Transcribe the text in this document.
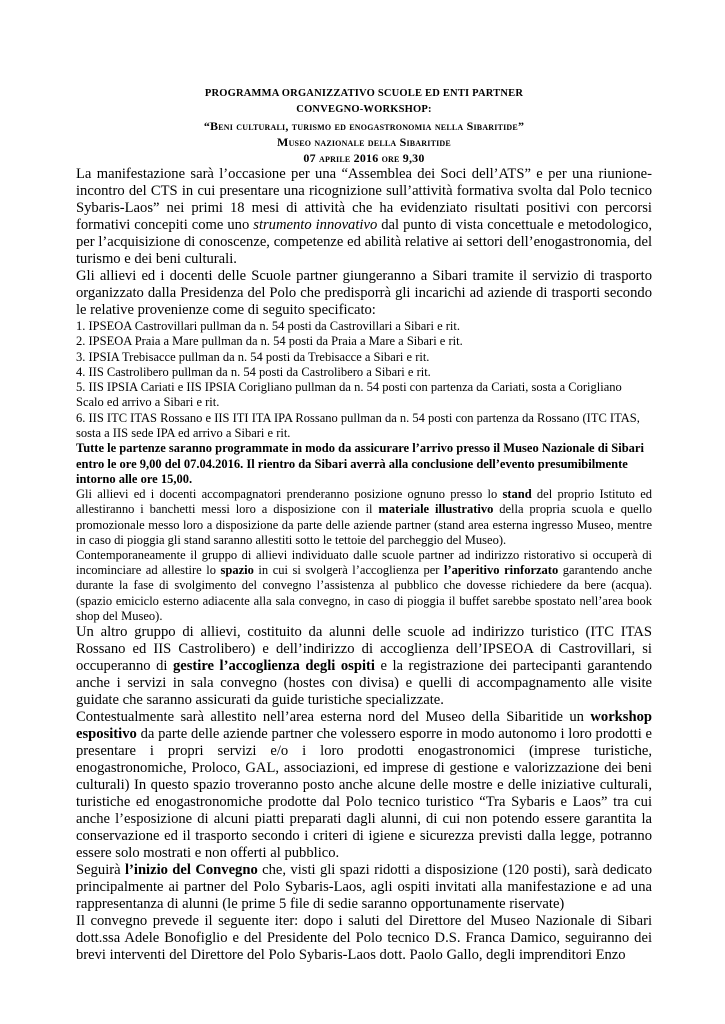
PROGRAMMA ORGANIZZATIVO SCUOLE ED ENTI PARTNER
CONVEGNO-WORKSHOP:
“Beni culturali, turismo ed enogastronomia nella Sibaritide”
Museo nazionale della Sibaritide
07 aprile 2016 ore 9,30

La manifestazione sarà l’occasione per una “Assemblea dei Soci dell’ATS” e per una riunione-incontro del CTS in cui presentare una ricognizione sull’attività formativa svolta dal Polo tecnico Sybaris-Laos” nei primi 18 mesi di attività che ha evidenziato risultati positivi con percorsi formativi concepiti come uno strumento innovativo dal punto di vista concettuale e metodologico, per l’acquisizione di conoscenze, competenze ed abilità relative ai settori dell’enogastronomia, del turismo e dei beni culturali.

Gli allievi ed i docenti delle Scuole partner giungeranno a Sibari tramite il servizio di trasporto organizzato dalla Presidenza del Polo che predisporrà gli incarichi ad aziende di trasporti secondo le relative provenienze come di seguito specificato:

1. IPSEOA Castrovillari pullman da n. 54 posti da Castrovillari a Sibari e rit.
2. IPSEOA Praia a Mare pullman da n. 54 posti da Praia a Mare a Sibari e rit.
3. IPSIA Trebisacce pullman da n. 54 posti da Trebisacce a Sibari e rit.
4. IIS Castrolibero pullman da n. 54 posti da Castrolibero a Sibari e rit.
5. IIS IPSIA Cariati e IIS IPSIA Corigliano pullman da n. 54 posti con partenza da Cariati, sosta a Corigliano Scalo ed arrivo a Sibari e rit.
6. IIS ITC ITAS Rossano e IIS ITI ITA IPA Rossano pullman da n. 54 posti con partenza da Rossano (ITC ITAS, sosta a IIS sede IPA ed arrivo a Sibari e rit.

Tutte le partenze saranno programmate in modo da assicurare l’arrivo presso il Museo Nazionale di Sibari entro le ore 9,00 del 07.04.2016. Il rientro da Sibari averrà alla conclusione dell’evento presumibilmente intorno alle ore 15,00.

Gli allievi ed i docenti accompagnatori prenderanno posizione ognuno presso lo stand del proprio Istituto ed allestiranno i banchetti messi loro a disposizione con il materiale illustrativo della propria scuola e quello promozionale messo loro a disposizione da parte delle aziende partner (stand area esterna ingresso Museo, mentre in caso di pioggia gli stand saranno allestiti sotto le tettoie del parcheggio del Museo).

Contemporaneamente il gruppo di allievi individuato dalle scuole partner ad indirizzo ristorativo si occuperà di incominciare ad allestire lo spazio in cui si svolgerà l’accoglienza per l’aperitivo rinforzato garantendo anche durante la fase di svolgimento del convegno l’assistenza al pubblico che dovesse richiedere da bere (acqua). (spazio emiciclo esterno adiacente alla sala convegno, in caso di pioggia il buffet sarebbe spostato nell’area book shop del Museo).

Un altro gruppo di allievi, costituito da alunni delle scuole ad indirizzo turistico (ITC ITAS Rossano ed IIS Castrolibero) e dell’indirizzo di accoglienza dell’IPSEOA di Castrovillari, si occuperanno di gestire l’accoglienza degli ospiti e la registrazione dei partecipanti garantendo anche i servizi in sala convegno (hostes con divisa) e quelli di accompagnamento alle visite guidate che saranno assicurati da guide turistiche specializzate.

Contestualmente sarà allestito nell’area esterna nord del Museo della Sibaritide un workshop espositivo da parte delle aziende partner che volessero esporre in modo autonomo i loro prodotti e presentare i propri servizi e/o i loro prodotti enogastronomici (imprese turistiche, enogastronomiche, Proloco, GAL, associazioni, ed imprese di gestione e valorizzazione dei beni culturali) In questo spazio troveranno posto anche alcune delle mostre e delle iniziative culturali, turistiche ed enogastronomiche prodotte dal Polo tecnico turistico “Tra Sybaris e Laos” tra cui anche l’esposizione di alcuni piatti preparati dagli alunni, di cui non potendo essere garantita la conservazione ed il trasporto secondo i criteri di igiene e sicurezza previsti dalla legge, potranno essere solo mostrati e non offerti al pubblico.

Seguirà l’inizio del Convegno che, visti gli spazi ridotti a disposizione (120 posti), sarà dedicato principalmente ai partner del Polo Sybaris-Laos, agli ospiti invitati alla manifestazione e ad una rappresentanza di alunni (le prime 5 file di sedie saranno opportunamente riservate)

Il convegno prevede il seguente iter: dopo i saluti del Direttore del Museo Nazionale di Sibari dott.ssa Adele Bonofiglio e del Presidente del Polo tecnico D.S. Franca Damico, seguiranno dei brevi interventi del Direttore del Polo Sybaris-Laos dott. Paolo Gallo, degli imprenditori Enzo
